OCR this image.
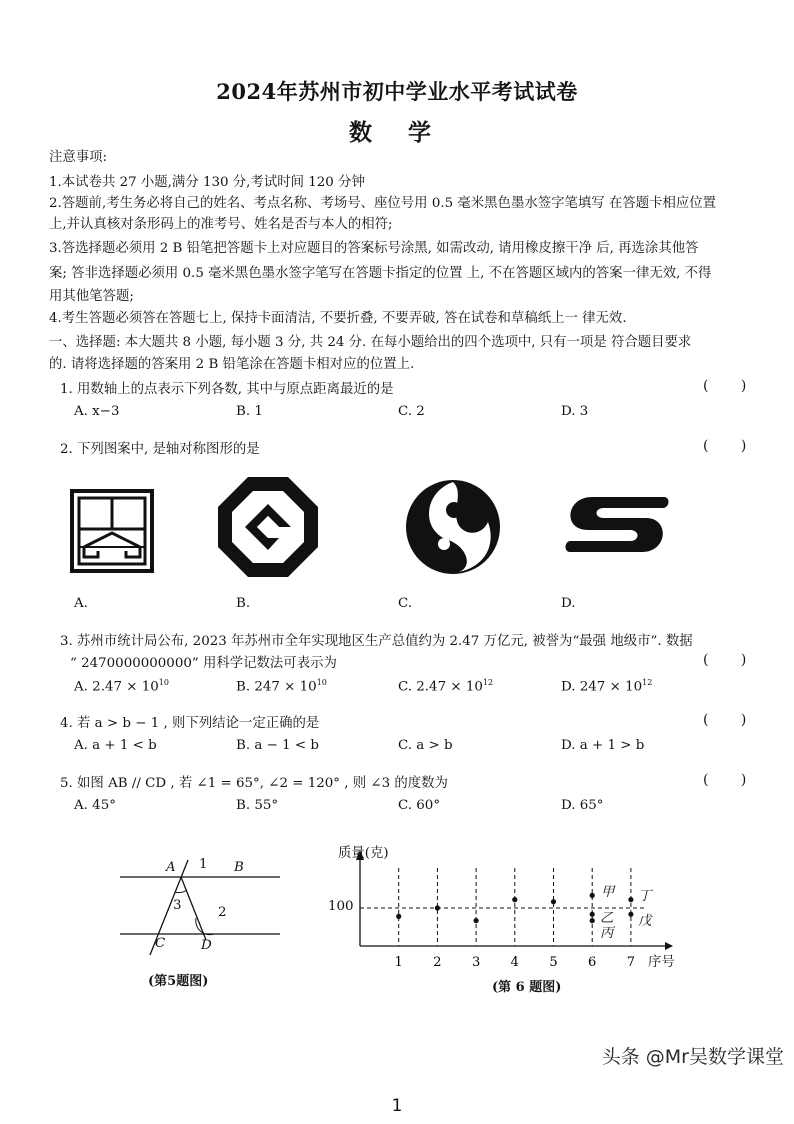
2024年苏州市初中学业水平考试试卷
数 学
注意事项:
1.本试卷共 27 小题,满分 130 分,考试时间 120 分钟
2.答题前,考生务必将自己的姓名、考点名称、考场号、座位号用 0.5 毫米黑色墨水签字笔填写 在答题卡相应位置
上,并认真核对条形码上的准考号、姓名是否与本人的相符;
3.答选择题必须用 2 B 铅笔把答题卡上对应题目的答案标号涂黑, 如需改动, 请用橡皮擦干净 后, 再选涂其他答
案; 答非选择题必须用 0.5 毫米黑色墨水签字笔写在答题卡指定的位置 上, 不在答题区域内的答案一律无效, 不得
用其他笔答题;
4.考生答题必须答在答题七上, 保持卡面清洁, 不要折叠, 不要弄破, 答在试卷和草稿纸上一 律无效.
一、选择题: 本大题共 8 小题, 每小题 3 分, 共 24 分. 在每小题给出的四个选项中, 只有一项是 符合题目要求
的. 请将选择题的答案用 2 B 铅笔涂在答题卡相对应的位置上.
1. 用数轴上的点表示下列各数, 其中与原点距离最近的是	( )
A. x−3	B. 1	C. 2	D. 3
2. 下列图案中, 是轴对称图形的是	( )
A.	B.	C.	D.
3. 苏州市统计局公布, 2023 年苏州市全年实现地区生产总值约为 2.47 万亿元, 被誉为“最强 地级市”. 数据
“ 2470000000000” 用科学记数法可表示为	( )
A. $2.47 \times 10^{10}$	B. $247 \times 10^{10}$	C. $2.47 \times 10^{12}$	D. $247 \times 10^{12}$
4. 若 a > b − 1 , 则下列结论一定正确的是	( )
A. a + 1 < b	B. a − 1 < b	C. a > b	D. a + 1 > b
5. 如图 AB // CD , 若 ∠1 = 65°, ∠2 = 120° , 则 ∠3 的度数为	( )
A. 45°	B. 55°	C. 60°	D. 65°
A 1 B
3	2
C	D
(第5题图)
1 2 3 4 5 6 7
质量(克)
100
序号
甲
乙
丙
丁
戊
(第 6 题图)
头条 @Mr吴数学课堂
1
